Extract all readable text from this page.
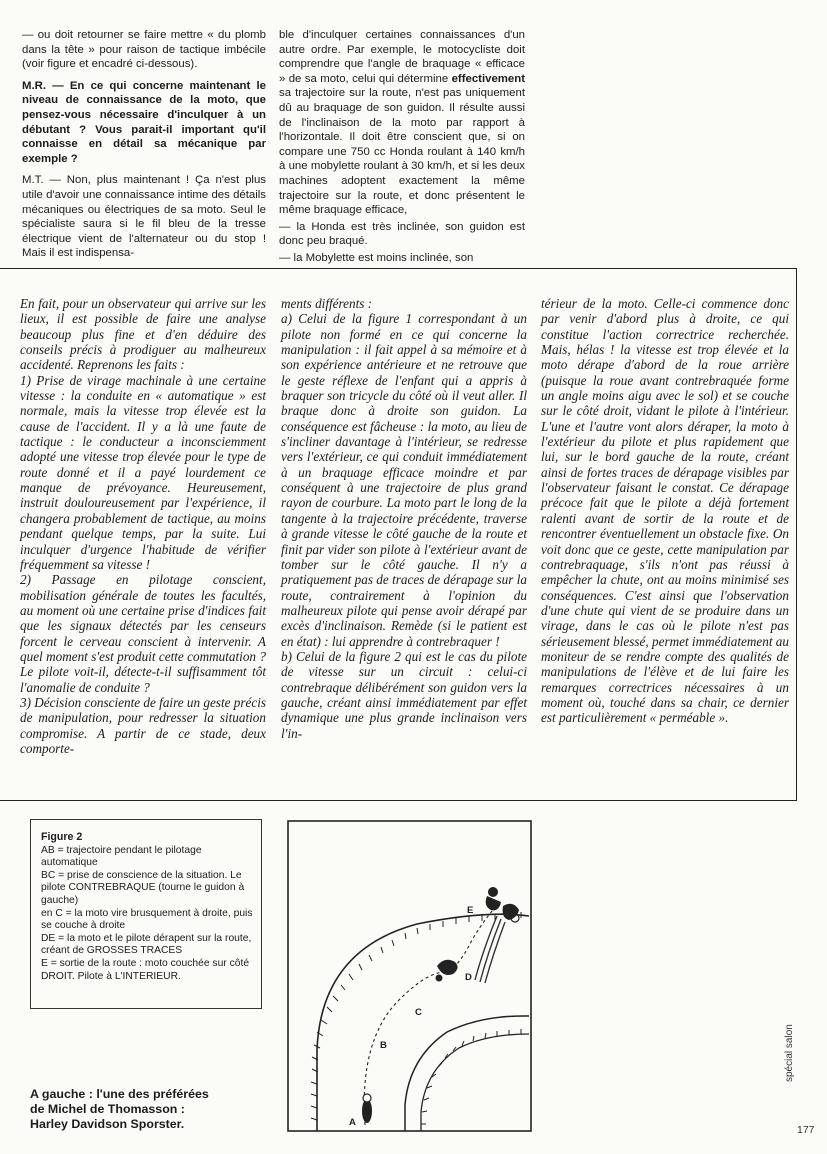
— ou doit retourner se faire mettre « du plomb dans la tête » pour raison de tactique imbécile (voir figure et encadré ci-dessous).

M.R. — En ce qui concerne maintenant le niveau de connaissance de la moto, que pensez-vous nécessaire d'inculquer à un débutant ? Vous parait-il important qu'il connaisse en détail sa mécanique par exemple ?

M.T. — Non, plus maintenant ! Ça n'est plus utile d'avoir une connaissance intime des détails mécaniques ou électriques de sa moto. Seul le spécialiste saura si le fil bleu de la tresse électrique vient de l'alternateur ou du stop ! Mais il est indispensa-

ble d'inculquer certaines connaissances d'un autre ordre. Par exemple, le motocycliste doit comprendre que l'angle de braquage « efficace » de sa moto, celui qui détermine effectivement sa trajectoire sur la route, n'est pas uniquement dû au braquage de son guidon. Il résulte aussi de l'inclinaison de la moto par rapport à l'horizontale. Il doit être conscient que, si on compare une 750 cc Honda roulant à 140 km/h à une mobylette roulant à 30 km/h, et si les deux machines adoptent exactement la même trajectoire sur la route, et donc présentent le même braquage efficace,

— la Honda est très inclinée, son guidon est donc peu braqué.

— la Mobylette est moins inclinée, son

En fait, pour un observateur qui arrive sur les lieux, il est possible de faire une analyse beaucoup plus fine et d'en déduire des conseils précis à prodiguer au malheureux accidenté. Reprenons les faits :

1) Prise de virage machinale à une certaine vitesse : la conduite en « automatique » est normale, mais la vitesse trop élevée est la cause de l'accident. Il y a là une faute de tactique : le conducteur a inconsciemment adopté une vitesse trop élevée pour le type de route donné et il a payé lourdement ce manque de prévoyance. Heureusement, instruit douloureusement par l'expérience, il changera probablement de tactique, au moins pendant quelque temps, par la suite. Lui inculquer d'urgence l'habitude de vérifier fréquemment sa vitesse !

2) Passage en pilotage conscient, mobilisation générale de toutes les facultés, au moment où une certaine prise d'indices fait que les signaux détectés par les censeurs forcent le cerveau conscient à intervenir. A quel moment s'est produit cette commutation ? Le pilote voit-il, détecte-t-il suffisamment tôt l'anomalie de conduite ?

3) Décision consciente de faire un geste précis de manipulation, pour redresser la situation compromise. A partir de ce stade, deux comporte-

ments différents :

a) Celui de la figure 1 correspondant à un pilote non formé en ce qui concerne la manipulation : il fait appel à sa mémoire et à son expérience antérieure et ne retrouve que le geste réflexe de l'enfant qui a appris à braquer son tricycle du côté où il veut aller. Il braque donc à droite son guidon. La conséquence est fâcheuse : la moto, au lieu de s'incliner davantage à l'intérieur, se redresse vers l'extérieur, ce qui conduit immédiatement à un braquage efficace moindre et par conséquent à une trajectoire de plus grand rayon de courbure. La moto part le long de la tangente à la trajectoire précédente, traverse à grande vitesse le côté gauche de la route et finit par vider son pilote à l'extérieur avant de tomber sur le côté gauche. Il n'y a pratiquement pas de traces de dérapage sur la route, contrairement à l'opinion du malheureux pilote qui pense avoir dérapé par excès d'inclinaison. Remède (si le patient est en état) : lui apprendre à contrebraquer !

b) Celui de la figure 2 qui est le cas du pilote de vitesse sur un circuit : celui-ci contrebraque délibérément son guidon vers la gauche, créant ainsi immédiatement par effet dynamique une plus grande inclinaison vers l'in-

térieur de la moto. Celle-ci commence donc par venir d'abord plus à droite, ce qui constitue l'action correctrice recherchée. Mais, hélas ! la vitesse est trop élevée et la moto dérape d'abord de la roue arrière (puisque la roue avant contrebraquée forme un angle moins aigu avec le sol) et se couche sur le côté droit, vidant le pilote à l'intérieur. L'une et l'autre vont alors déraper, la moto à l'extérieur du pilote et plus rapidement que lui, sur le bord gauche de la route, créant ainsi de fortes traces de dérapage visibles par l'observateur faisant le constat. Ce dérapage précoce fait que le pilote a déjà fortement ralenti avant de sortir de la route et de rencontrer éventuellement un obstacle fixe. On voit donc que ce geste, cette manipulation par contrebraquage, s'ils n'ont pas réussi à empêcher la chute, ont au moins minimisé ses conséquences. C'est ainsi que l'observation d'une chute qui vient de se produire dans un virage, dans le cas où le pilote n'est pas sérieusement blessé, permet immédiatement au moniteur de se rendre compte des qualités de manipulations de l'élève et de lui faire les remarques correctrices nécessaires à un moment où, touché dans sa chair, ce dernier est particulièrement « perméable ».

Figure 2

AB = trajectoire pendant le pilotage automatique

BC = prise de conscience de la situation. Le pilote CONTREBRAQUE (tourne le guidon à gauche)

en C = la moto vire brusquement à droite, puis se couche à droite

DE = la moto et le pilote dérapent sur la route, créant de GROSSES TRACES

E = sortie de la route : moto couchée sur côté DROIT. Pilote à L'INTERIEUR.

A
B
C
D
E

A gauche : l'une des préférées

de Michel de Thomasson :

Harley Davidson Sporster.

spécial salon
177
